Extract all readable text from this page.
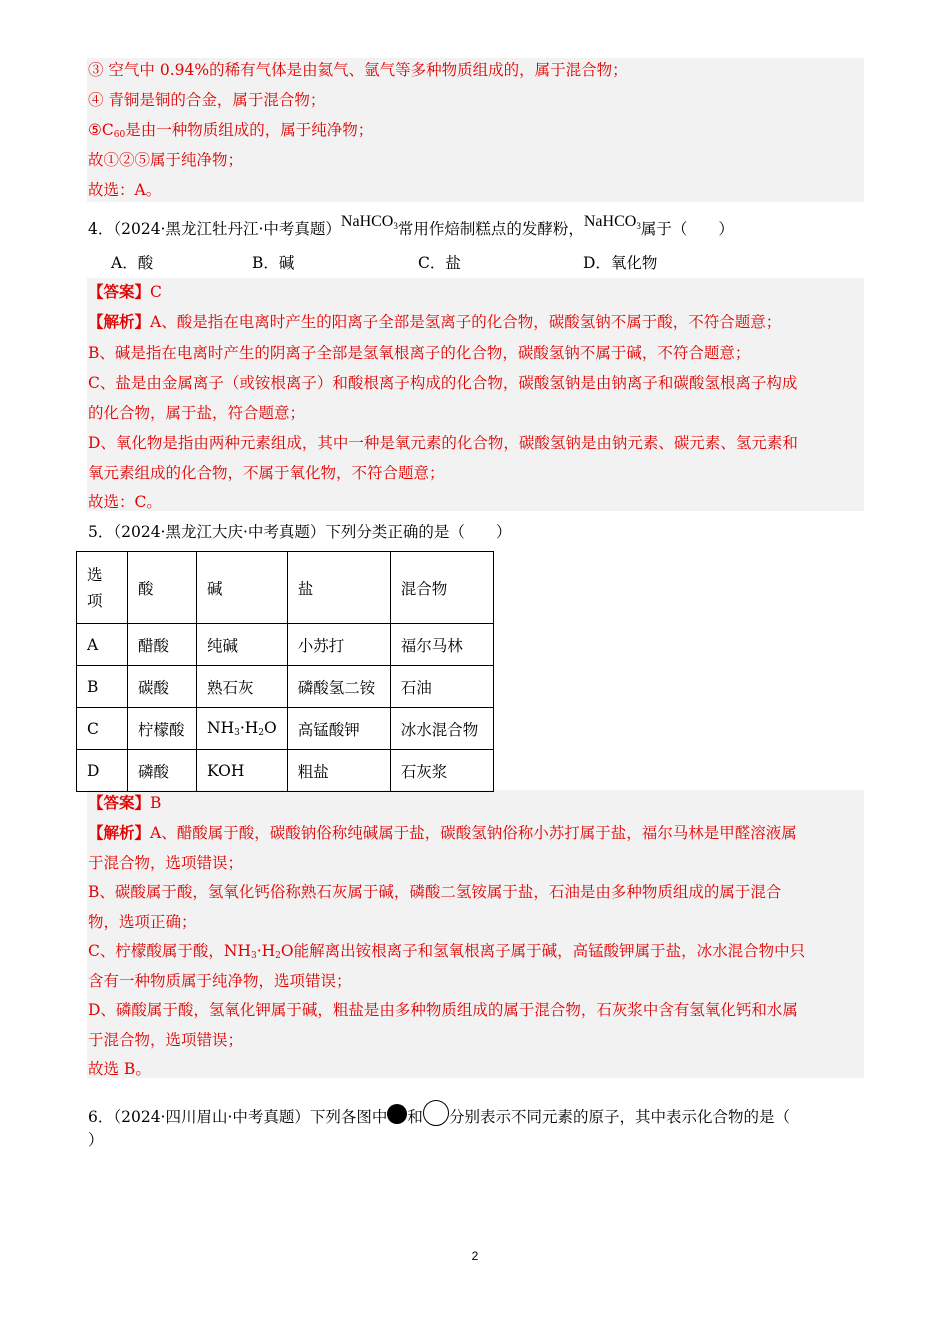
③ 空气中 0.94%的稀有气体是由氦气、氩气等多种物质组成的，属于混合物；
④ 青铜是铜的合金，属于混合物；
$⑤C_{60}$是由一种物质组成的，属于纯净物；
故①②⑤属于纯净物；
故选：A。
4．（2024·黑龙江牡丹江·中考真题）NaHCO$_3$常用作焙制糕点的发酵粉，NaHCO$_3$属于（　　）
A．酸	B．碱	C．盐	D．氧化物
【答案】C
【解析】A、酸是指在电离时产生的阳离子全部是氢离子的化合物，碳酸氢钠不属于酸，不符合题意；
B、碱是指在电离时产生的阴离子全部是氢氧根离子的化合物，碳酸氢钠不属于碱，不符合题意；
C、盐是由金属离子（或铵根离子）和酸根离子构成的化合物，碳酸氢钠是由钠离子和碳酸氢根离子构成
的化合物，属于盐，符合题意；
D、氧化物是指由两种元素组成，其中一种是氧元素的化合物，碳酸氢钠是由钠元素、碳元素、氢元素和
氧元素组成的化合物，不属于氧化物，不符合题意；
故选：C。
5．（2024·黑龙江大庆·中考真题）下列分类正确的是（　　）
选
项	酸	碱	盐	混合物
A	醋酸	纯碱	小苏打	福尔马林
B	碳酸	熟石灰	磷酸氢二铵	石油
C	柠檬酸	$NH_3\cdot H_2O$	高锰酸钾	冰水混合物
D	磷酸	KOH	粗盐	石灰浆
【答案】B
【解析】A、醋酸属于酸，碳酸钠俗称纯碱属于盐，碳酸氢钠俗称小苏打属于盐，福尔马林是甲醛溶液属
于混合物，选项错误；
B、碳酸属于酸，氢氧化钙俗称熟石灰属于碱，磷酸二氢铵属于盐，石油是由多种物质组成的属于混合
物，选项正确；
C、柠檬酸属于酸，$NH_3\cdot H_2O$能解离出铵根离子和氢氧根离子属于碱，高锰酸钾属于盐，冰水混合物中只
含有一种物质属于纯净物，选项错误；
D、磷酸属于酸，氢氧化钾属于碱，粗盐是由多种物质组成的属于混合物，石灰浆中含有氢氧化钙和水属
于混合物，选项错误；
故选 B。
6．（2024·四川眉山·中考真题）下列各图中 和 分别表示不同元素的原子，其中表示化合物的是（
）
2
